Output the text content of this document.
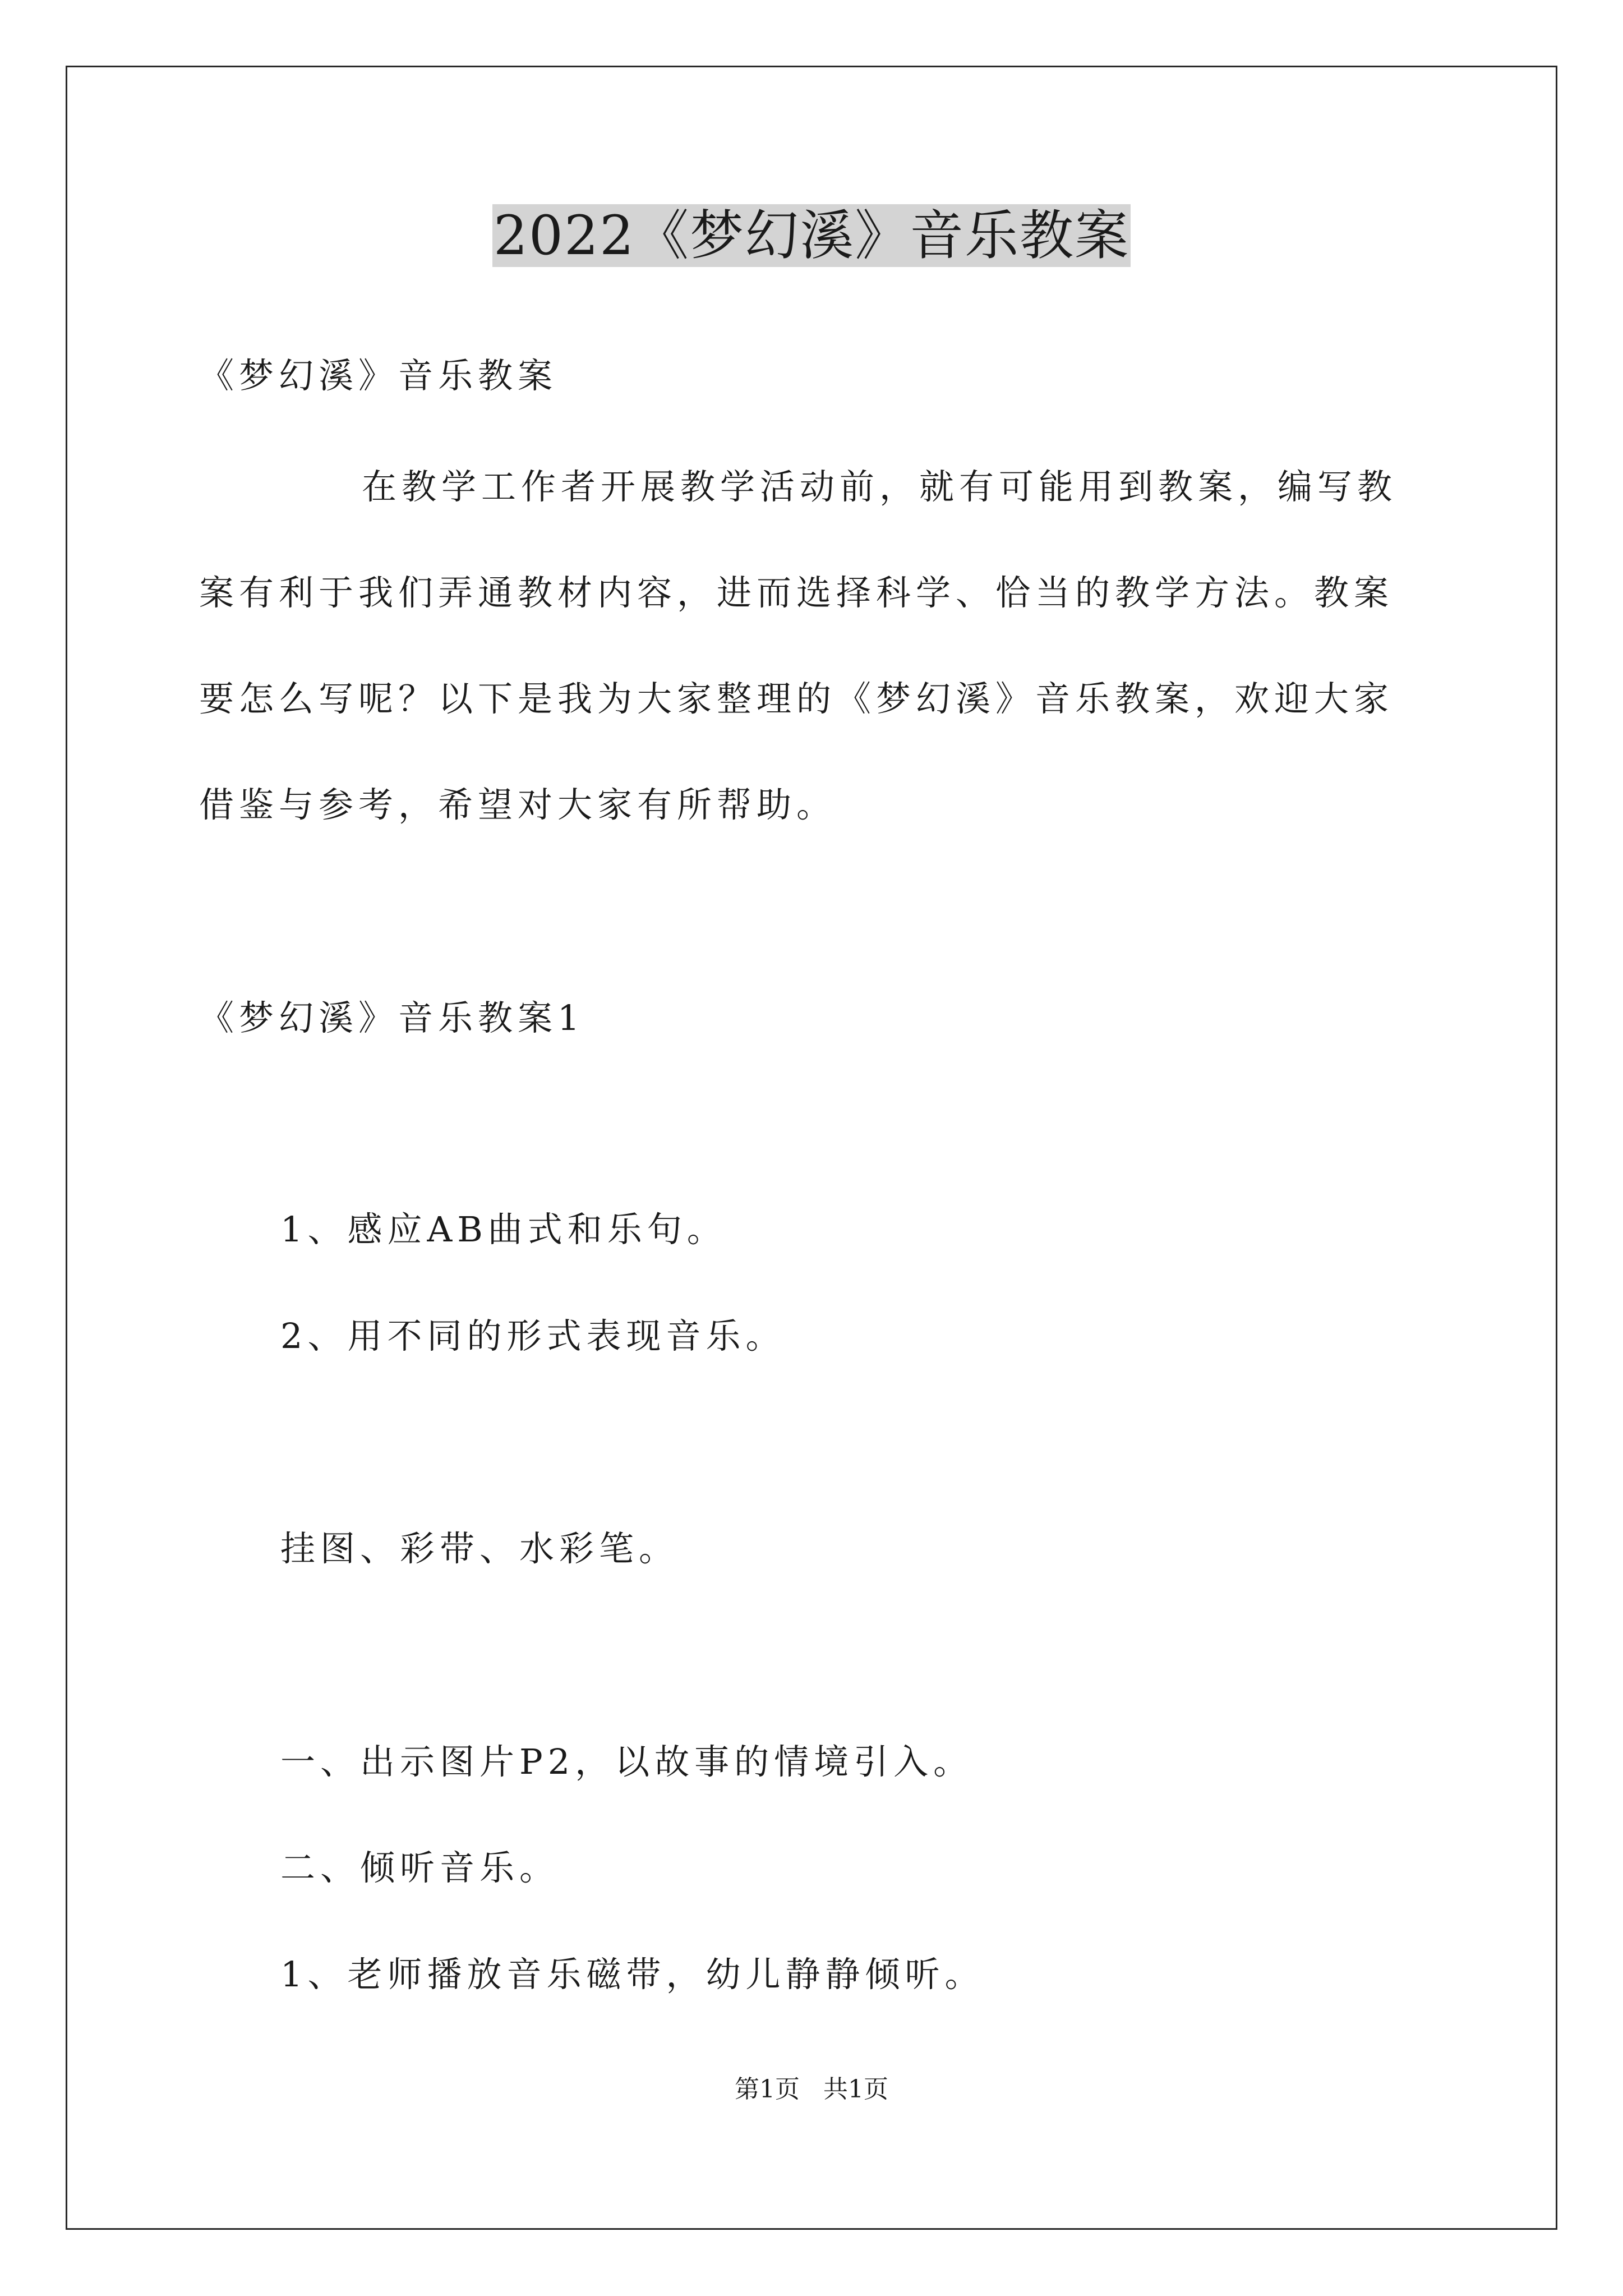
2022《梦幻溪》音乐教案
《梦幻溪》音乐教案
在教学工作者开展教学活动前，就有可能用到教案，编写教
案有利于我们弄通教材内容，进而选择科学、恰当的教学方法。教案
要怎么写呢？以下是我为大家整理的《梦幻溪》音乐教案，欢迎大家
借鉴与参考，希望对大家有所帮助。
《梦幻溪》音乐教案1
1、感应AB曲式和乐句。
2、用不同的形式表现音乐。
挂图、彩带、水彩笔。
一、出示图片P2，以故事的情境引入。
二、倾听音乐。
1、老师播放音乐磁带，幼儿静静倾听。
第1页   共1页
